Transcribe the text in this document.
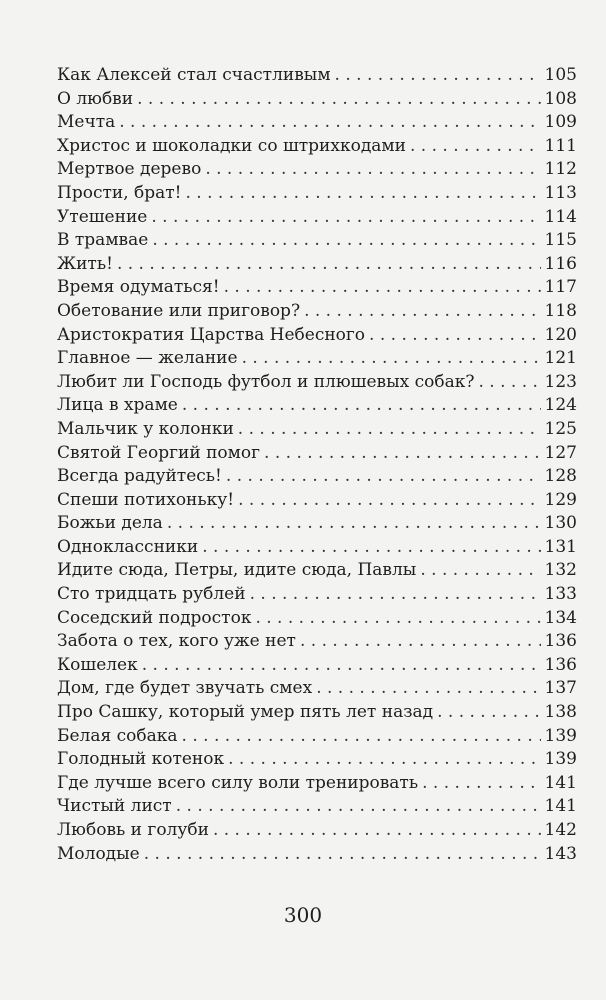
Как Алексей стал счастливым . . .	105
О любви . . .	108
Мечта . . .	109
Христос и шоколадки со штрихкодами . . .	111
Мертвое дерево . . .	112
Прости, брат! . . .	113
Утешение . . .	114
В трамвае . . .	115
Жить! . . .	116
Время одуматься! . . .	117
Обетование или приговор? . . .	118
Аристократия Царства Небесного . . .	120
Главное — желание . . .	121
Любит ли Господь футбол и плюшевых собак? . . .	123
Лица в храме . . .	124
Мальчик у колонки . . .	125
Святой Георгий помог . . .	127
Всегда радуйтесь! . . .	128
Спеши потихоньку! . . .	129
Божьи дела . . .	130
Одноклассники . . .	131
Идите сюда, Петры, идите сюда, Павлы . . .	132
Сто тридцать рублей . . .	133
Соседский подросток . . .	134
Забота о тех, кого уже нет . . .	136
Кошелек . . .	136
Дом, где будет звучать смех . . .	137
Про Сашку, который умер пять лет назад . . .	138
Белая собака . . .	139
Голодный котенок . . .	139
Где лучше всего силу воли тренировать . . .	141
Чистый лист . . .	141
Любовь и голуби . . .	142
Молодые . . .	143
300
